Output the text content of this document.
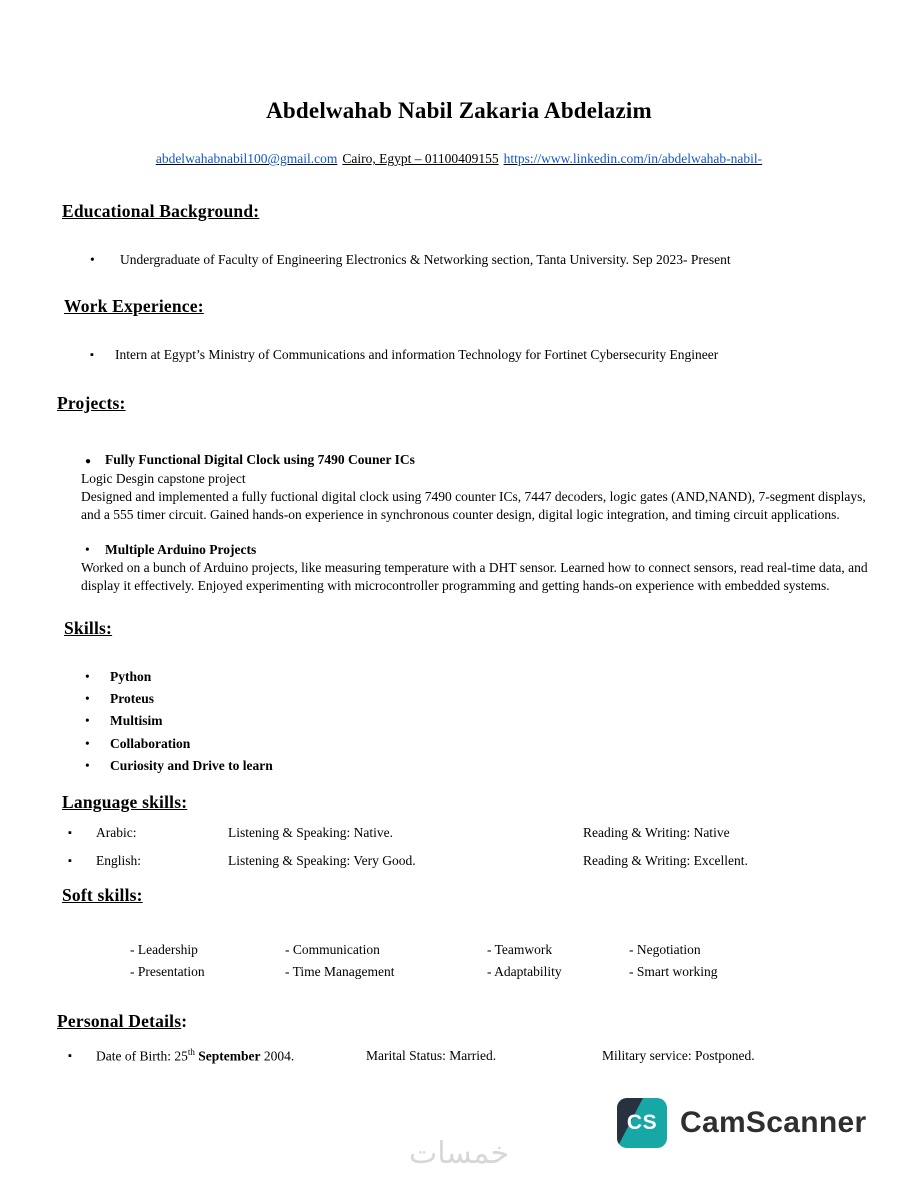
Abdelwahab Nabil Zakaria Abdelazim
abdelwahabnabil100@gmail.com Cairo, Egypt – 01100409155 https://www.linkedin.com/in/abdelwahab-nabil-
Educational Background:
•
Undergraduate of Faculty of Engineering Electronics & Networking section, Tanta University. Sep 2023- Present
Work Experience:
▪
Intern at Egypt’s Ministry of Communications and information Technology for Fortinet Cybersecurity Engineer
Projects:
●
Fully Functional Digital Clock using 7490 Couner ICs
Logic Desgin capstone project
Designed and implemented a fully fuctional digital clock using 7490 counter ICs, 7447 decoders, logic gates (AND,NAND), 7-segment displays, and a 555 timer circuit. Gained hands-on experience in synchronous counter design, digital logic integration, and timing circuit applications.
•
Multiple Arduino Projects
Worked on a bunch of Arduino projects, like measuring temperature with a DHT sensor. Learned how to connect sensors, read real-time data, and display it effectively. Enjoyed experimenting with microcontroller programming and getting hands-on experience with embedded systems.
Skills:
•
Python
•
Proteus
•
Multisim
•
Collaboration
•
Curiosity and Drive to learn
Language skills:
▪
Arabic:	Listening & Speaking: Native.	Reading & Writing: Native
▪
English:	Listening & Speaking: Very Good.	Reading & Writing: Excellent.
Soft skills:
- Leadership	- Communication	- Teamwork	- Negotiation
- Presentation	- Time Management	- Adaptability	- Smart working
Personal Details:
▪
Date of Birth: 25th September 2004.	Marital Status: Married.	Military service: Postponed.
CS CamScanner
خمسات
